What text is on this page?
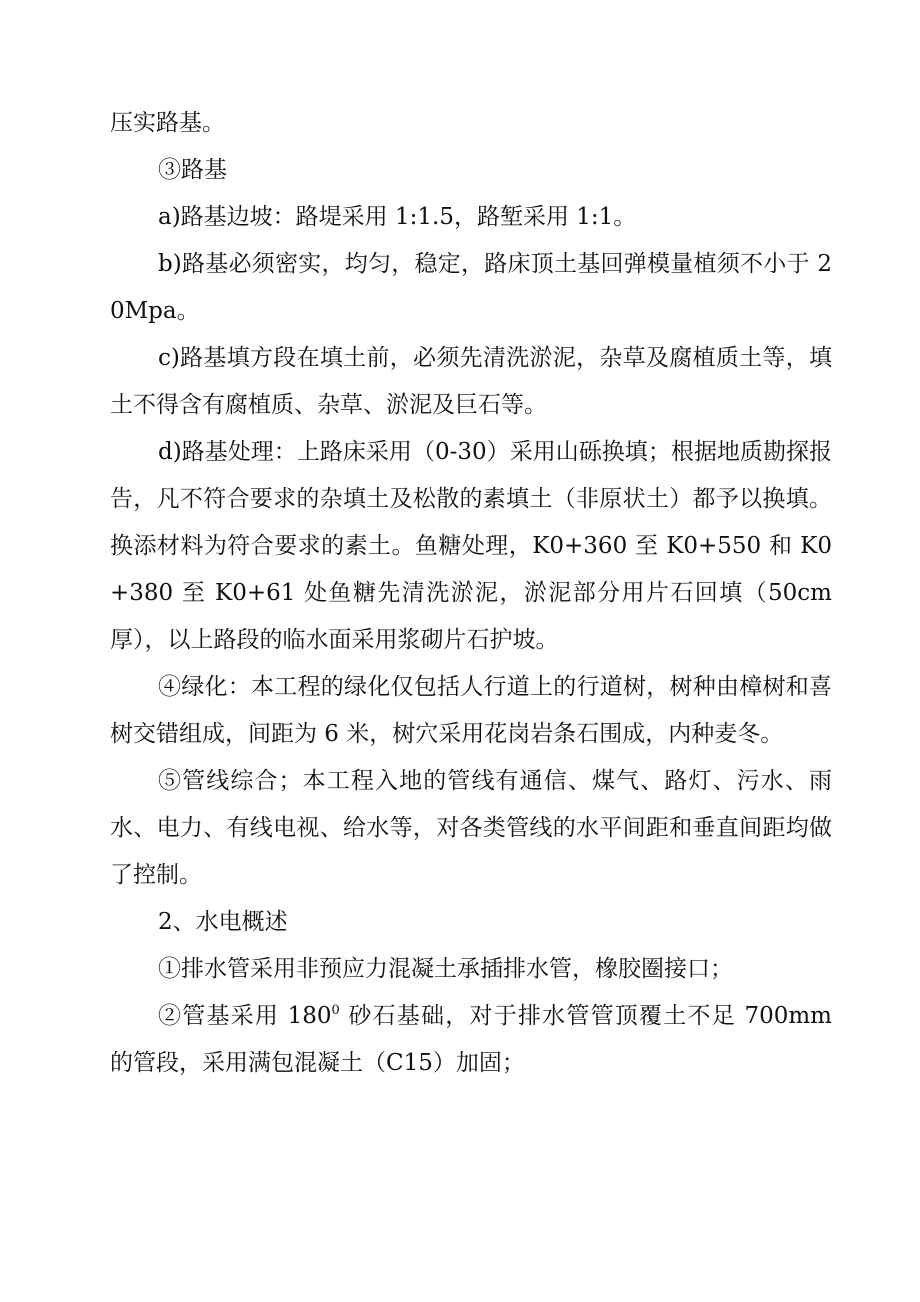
压实路基。

③路基

a)路基边坡：路堤采用 1:1.5，路堑采用 1:1。

b)路基必须密实，均匀，稳定，路床顶土基回弹模量植须不小于 20Mpa。

c)路基填方段在填土前，必须先清洗淤泥，杂草及腐植质土等，填土不得含有腐植质、杂草、淤泥及巨石等。

d)路基处理：上路床采用（0-30）采用山砾换填；根据地质勘探报告，凡不符合要求的杂填土及松散的素填土（非原状土）都予以换填。换添材料为符合要求的素土。鱼糖处理，K0+360 至 K0+550 和 K0+380 至 K0+61 处鱼糖先清洗淤泥，淤泥部分用片石回填（50cm 厚），以上路段的临水面采用浆砌片石护坡。

④绿化：本工程的绿化仅包括人行道上的行道树，树种由樟树和喜树交错组成，间距为 6 米，树穴采用花岗岩条石围成，内种麦冬。

⑤管线综合；本工程入地的管线有通信、煤气、路灯、污水、雨水、电力、有线电视、给水等，对各类管线的水平间距和垂直间距均做了控制。

2、水电概述

①排水管采用非预应力混凝土承插排水管，橡胶圈接口；

②管基采用 $180^0$ 砂石基础，对于排水管管顶覆土不足 700mm 的管段，采用满包混凝土（C15）加固；
